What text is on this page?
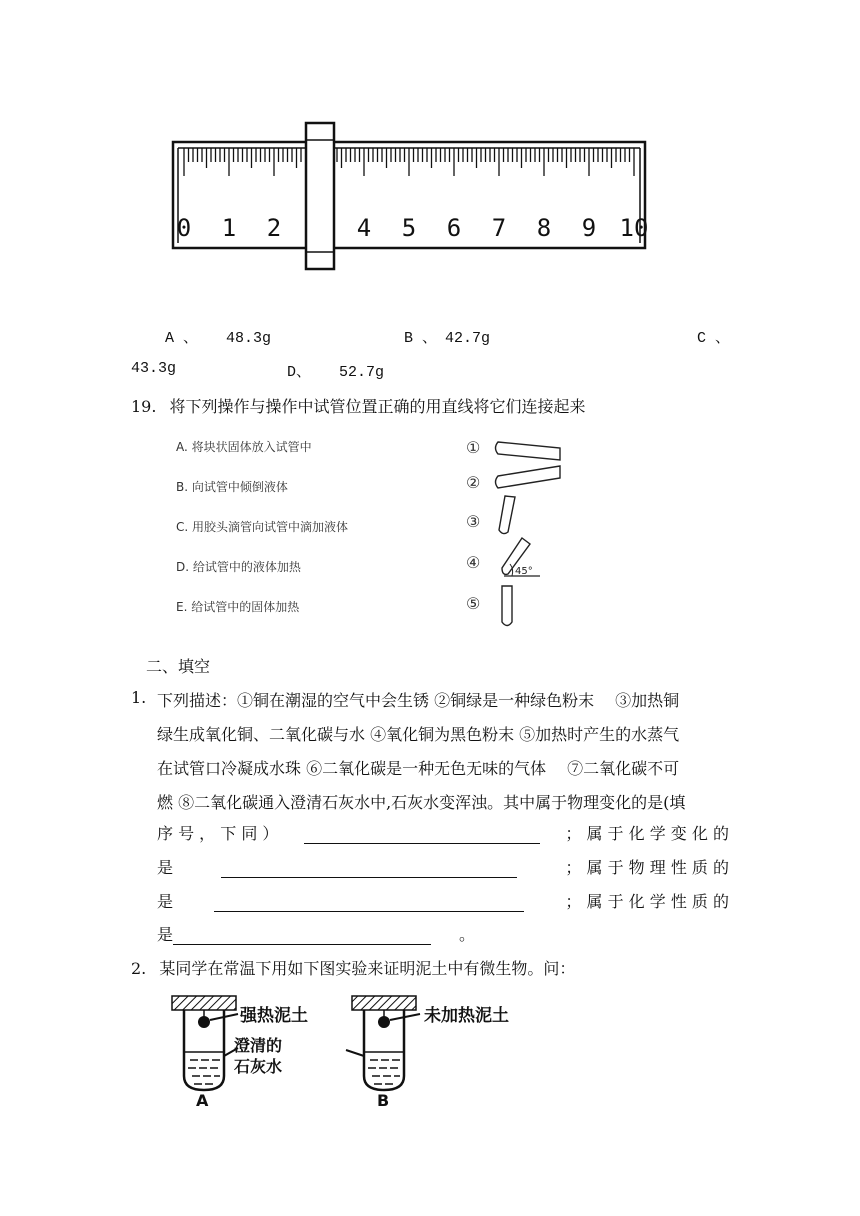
0 1 2	4 5 6 7 8 9 10
A 、 48.3g	B 、 42.7g	C 、
43.3g	D、 52.7g
19. 将下列操作与操作中试管位置正确的用直线将它们连接起来
A. 将块状固体放入试管中
B. 向试管中倾倒液体
C. 用胶头滴管向试管中滴加液体
D. 给试管中的液体加热
E. 给试管中的固体加热
①
②
③
④
⑤
45°
二、填空
1. 下列描述：①铜在潮湿的空气中会生锈 ②铜绿是一种绿色粉末　 ③加热铜
绿生成氧化铜、二氧化碳与水 ④氧化铜为黑色粉末 ⑤加热时产生的水蒸气
在试管口冷凝成水珠 ⑥二氧化碳是一种无色无味的气体　 ⑦二氧化碳不可
燃 ⑧二氧化碳通入澄清石灰水中,石灰水变浑浊。其中属于物理变化的是(填
序 号 ， 下 同 ）	； 属 于 化 学 变 化 的
是	； 属 于 物 理 性 质 的
是	； 属 于 化 学 性 质 的
是	。
2. 某同学在常温下用如下图实验来证明泥土中有微生物。问：
强热泥土
澄清的
石灰水
A
未加热泥土
B
